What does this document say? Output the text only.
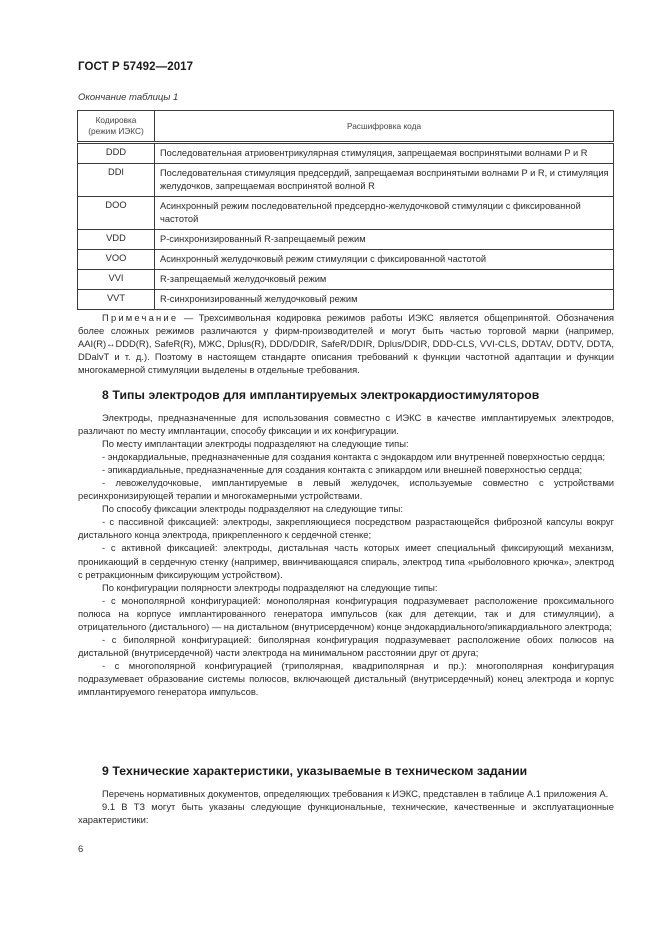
ГОСТ Р 57492—2017
Окончание таблицы 1
Кодировка
(режим ИЭКС)	Расшифровка кода
DDD	Последовательная атриовентрикулярная стимуляция, запрещаемая воспринятыми волнами P и R
DDI	Последовательная стимуляция предсердий, запрещаемая воспринятыми волнами P и R, и стимуляция желудочков, запрещаемая воспринятой волной R
DOO	Асинхронный режим последовательной предсердно-желудочковой стимуляции с фиксированной частотой
VDD	P-синхронизированный R-запрещаемый режим
VOO	Асинхронный желудочковый режим стимуляции с фиксированной частотой
VVI	R-запрещаемый желудочковый режим
VVT	R-синхронизированный желудочковый режим

Примечание — Трехсимвольная кодировка режимов работы ИЭКС является общепринятой. Обозначения более сложных режимов различаются у фирм-производителей и могут быть частью торговой марки (например, AAI(R)↔DDD(R), SafeR(R), МЖС, Dplus(R), DDD/DDIR, SafeR/DDIR, Dplus/DDIR, DDD-CLS, VVI-CLS, DDTAV, DDTV, DDTA, DDalvT и т. д.). Поэтому в настоящем стандарте описания требований к функции частотной адаптации и функции многокамерной стимуляции выделены в отдельные требования.

8 Типы электродов для имплантируемых электрокардиостимуляторов

Электроды, предназначенные для использования совместно с ИЭКС в качестве имплантируемых электродов, различают по месту имплантации, способу фиксации и их конфигурации.

По месту имплантации электроды подразделяют на следующие типы:

- эндокардиальные, предназначенные для создания контакта с эндокардом или внутренней поверхностью сердца;

- эпикардиальные, предназначенные для создания контакта с эпикардом или внешней поверхностью сердца;

- левожелудочковые, имплантируемые в левый желудочек, используемые совместно с устройствами ресинхронизирующей терапии и многокамерными устройствами.

По способу фиксации электроды подразделяют на следующие типы:

- с пассивной фиксацией: электроды, закрепляющиеся посредством разрастающейся фиброзной капсулы вокруг дистального конца электрода, прикрепленного к сердечной стенке;

- с активной фиксацией: электроды, дистальная часть которых имеет специальный фиксирующий механизм, проникающий в сердечную стенку (например, ввинчивающаяся спираль, электрод типа «рыболовного крючка», электрод с ретракционным фиксирующим устройством).

По конфигурации полярности электроды подразделяют на следующие типы:

- с монополярной конфигурацией: монополярная конфигурация подразумевает расположение проксимального полюса на корпусе имплантированного генератора импульсов (как для детекции, так и для стимуляции), а отрицательного (дистального) — на дистальном (внутрисердечном) конце эндокардиального/эпикардиального электрода;

- с биполярной конфигурацией: биполярная конфигурация подразумевает расположение обоих полюсов на дистальной (внутрисердечной) части электрода на минимальном расстоянии друг от друга;

- с многополярной конфигурацией (триполярная, квадриполярная и пр.): многополярная конфигурация подразумевает образование системы полюсов, включающей дистальный (внутрисердечный) конец электрода и корпус имплантируемого генератора импульсов.

9 Технические характеристики, указываемые в техническом задании

Перечень нормативных документов, определяющих требования к ИЭКС, представлен в таблице А.1 приложения А.

9.1 В ТЗ могут быть указаны следующие функциональные, технические, качественные и эксплуатационные характеристики:

6
